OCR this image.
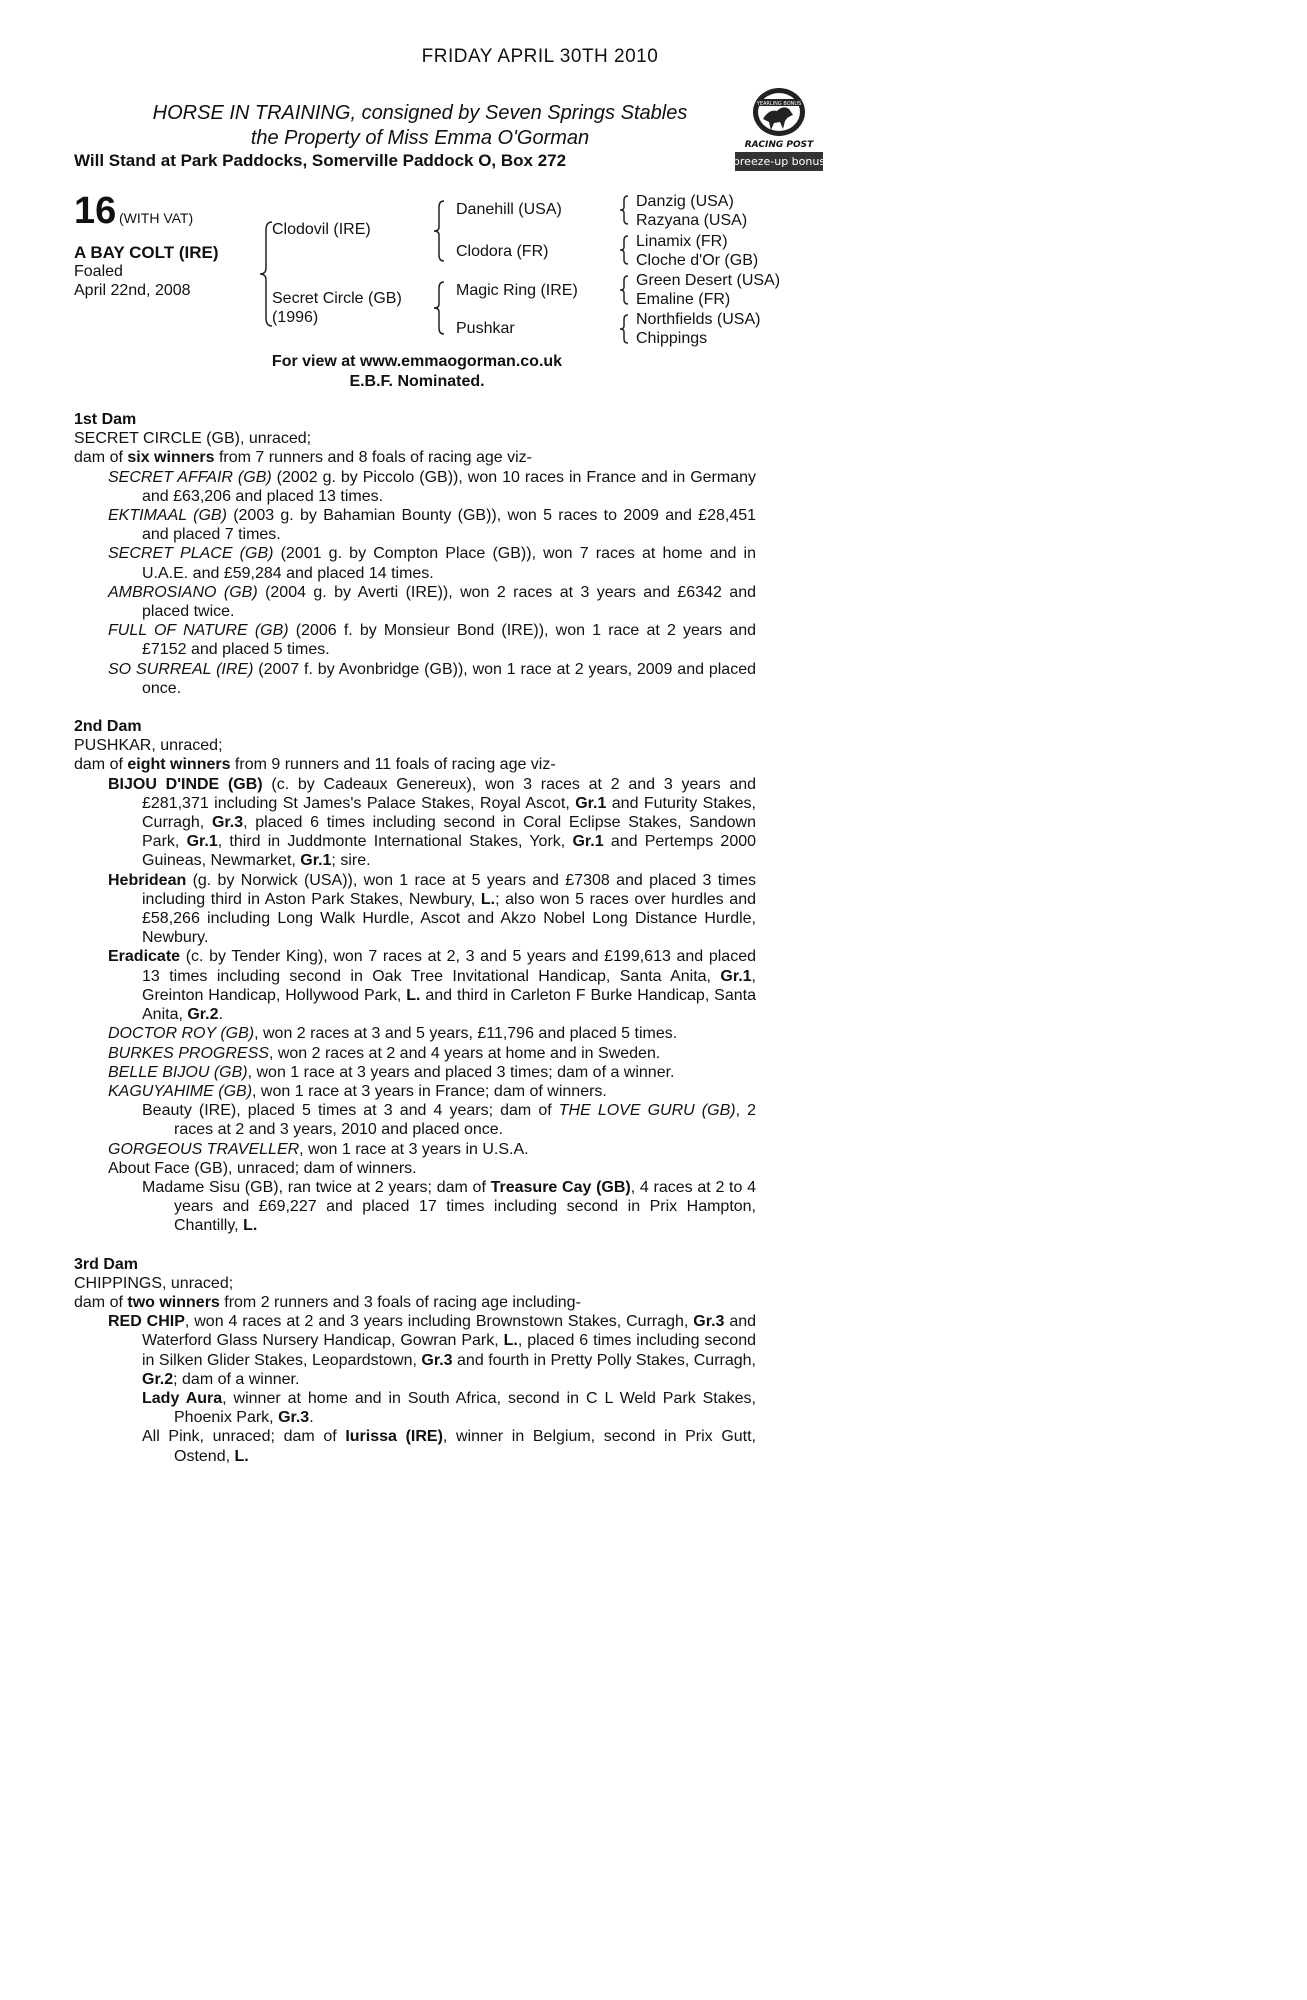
FRIDAY APRIL 30TH 2010
HORSE IN TRAINING, consigned by Seven Springs Stables
the Property of Miss Emma O'Gorman
Will Stand at Park Paddocks, Somerville Paddock O, Box 272
YEARLING BONUS
RACING POST
breeze-up bonus
16 (WITH VAT)
A BAY COLT (IRE)
Foaled
April 22nd, 2008
Clodovil (IRE)
Secret Circle (GB)
(1996)
Danehill (USA)
Clodora (FR)
Magic Ring (IRE)
Pushkar
Danzig (USA)
Razyana (USA)
Linamix (FR)
Cloche d'Or (GB)
Green Desert (USA)
Emaline (FR)
Northfields (USA)
Chippings
For view at www.emmaogorman.co.uk
E.B.F. Nominated.
1st Dam

SECRET CIRCLE (GB), unraced;

dam of six winners from 7 runners and 8 foals of racing age viz-

SECRET AFFAIR (GB) (2002 g. by Piccolo (GB)), won 10 races in France and in Germany and £63,206 and placed 13 times.

EKTIMAAL (GB) (2003 g. by Bahamian Bounty (GB)), won 5 races to 2009 and £28,451 and placed 7 times.

SECRET PLACE (GB) (2001 g. by Compton Place (GB)), won 7 races at home and in U.A.E. and £59,284 and placed 14 times.

AMBROSIANO (GB) (2004 g. by Averti (IRE)), won 2 races at 3 years and £6342 and placed twice.

FULL OF NATURE (GB) (2006 f. by Monsieur Bond (IRE)), won 1 race at 2 years and £7152 and placed 5 times.

SO SURREAL (IRE) (2007 f. by Avonbridge (GB)), won 1 race at 2 years, 2009 and placed once.

2nd Dam

PUSHKAR, unraced;

dam of eight winners from 9 runners and 11 foals of racing age viz-

BIJOU D'INDE (GB) (c. by Cadeaux Genereux), won 3 races at 2 and 3 years and £281,371 including St James's Palace Stakes, Royal Ascot, Gr.1 and Futurity Stakes, Curragh, Gr.3, placed 6 times including second in Coral Eclipse Stakes, Sandown Park, Gr.1, third in Juddmonte International Stakes, York, Gr.1 and Pertemps 2000 Guineas, Newmarket, Gr.1; sire.

Hebridean (g. by Norwick (USA)), won 1 race at 5 years and £7308 and placed 3 times including third in Aston Park Stakes, Newbury, L.; also won 5 races over hurdles and £58,266 including Long Walk Hurdle, Ascot and Akzo Nobel Long Distance Hurdle, Newbury.

Eradicate (c. by Tender King), won 7 races at 2, 3 and 5 years and £199,613 and placed 13 times including second in Oak Tree Invitational Handicap, Santa Anita, Gr.1, Greinton Handicap, Hollywood Park, L. and third in Carleton F Burke Handicap, Santa Anita, Gr.2.

DOCTOR ROY (GB), won 2 races at 3 and 5 years, £11,796 and placed 5 times.

BURKES PROGRESS, won 2 races at 2 and 4 years at home and in Sweden.

BELLE BIJOU (GB), won 1 race at 3 years and placed 3 times; dam of a winner.

KAGUYAHIME (GB), won 1 race at 3 years in France; dam of winners.

Beauty (IRE), placed 5 times at 3 and 4 years; dam of THE LOVE GURU (GB), 2 races at 2 and 3 years, 2010 and placed once.

GORGEOUS TRAVELLER, won 1 race at 3 years in U.S.A.

About Face (GB), unraced; dam of winners.

Madame Sisu (GB), ran twice at 2 years; dam of Treasure Cay (GB), 4 races at 2 to 4 years and £69,227 and placed 17 times including second in Prix Hampton, Chantilly, L.

3rd Dam

CHIPPINGS, unraced;

dam of two winners from 2 runners and 3 foals of racing age including-

RED CHIP, won 4 races at 2 and 3 years including Brownstown Stakes, Curragh, Gr.3 and Waterford Glass Nursery Handicap, Gowran Park, L., placed 6 times including second in Silken Glider Stakes, Leopardstown, Gr.3 and fourth in Pretty Polly Stakes, Curragh, Gr.2; dam of a winner.

Lady Aura, winner at home and in South Africa, second in C L Weld Park Stakes, Phoenix Park, Gr.3.

All Pink, unraced; dam of Iurissa (IRE), winner in Belgium, second in Prix Gutt, Ostend, L.
